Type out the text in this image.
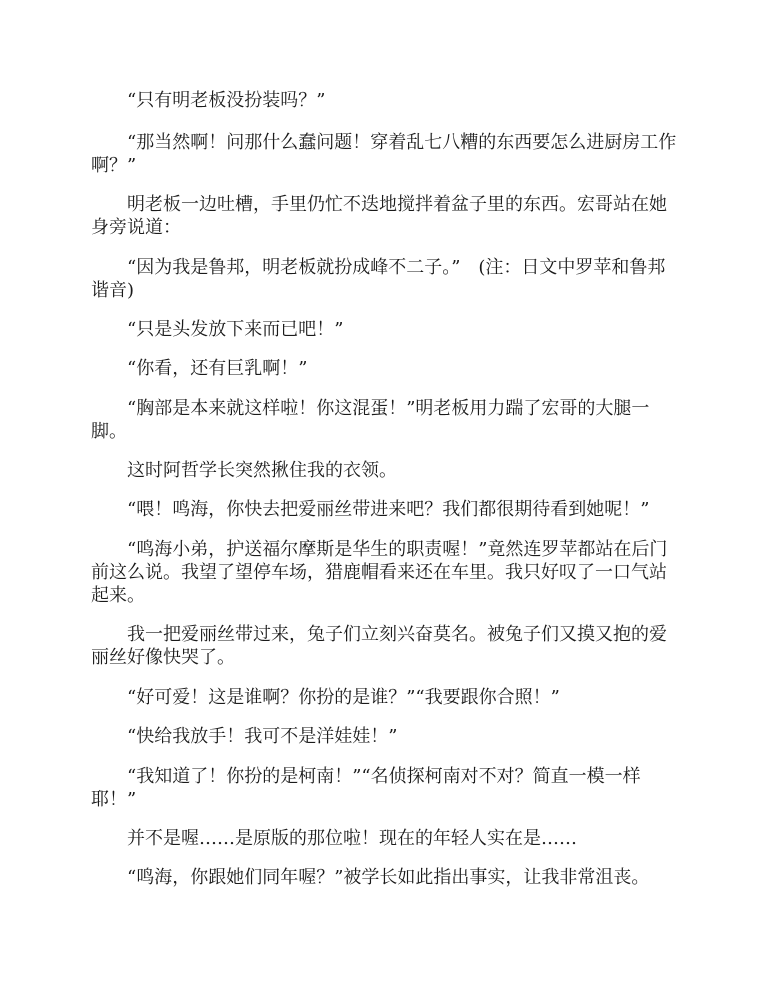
“只有明老板没扮装吗？”

“那当然啊！问那什么蠢问题！穿着乱七八糟的东西要怎么进厨房工作啊？”

明老板一边吐槽，手里仍忙不迭地搅拌着盆子里的东西。宏哥站在她身旁说道：

“因为我是鲁邦，明老板就扮成峰不二子。”　(注：日文中罗苹和鲁邦谐音)

“只是头发放下来而已吧！”

“你看，还有巨乳啊！”

“胸部是本来就这样啦！你这混蛋！”明老板用力踹了宏哥的大腿一脚。

这时阿哲学长突然揪住我的衣领。

“喂！鸣海，你快去把爱丽丝带进来吧？我们都很期待看到她呢！”

“鸣海小弟，护送福尔摩斯是华生的职责喔！”竟然连罗苹都站在后门前这么说。我望了望停车场，猎鹿帽看来还在车里。我只好叹了一口气站起来。

我一把爱丽丝带过来，兔子们立刻兴奋莫名。被兔子们又摸又抱的爱丽丝好像快哭了。

“好可爱！这是谁啊？你扮的是谁？”“我要跟你合照！”

“快给我放手！我可不是洋娃娃！”

“我知道了！你扮的是柯南！”“名侦探柯南对不对？简直一模一样耶！”

并不是喔……是原版的那位啦！现在的年轻人实在是……

“鸣海，你跟她们同年喔？”被学长如此指出事实，让我非常沮丧。
